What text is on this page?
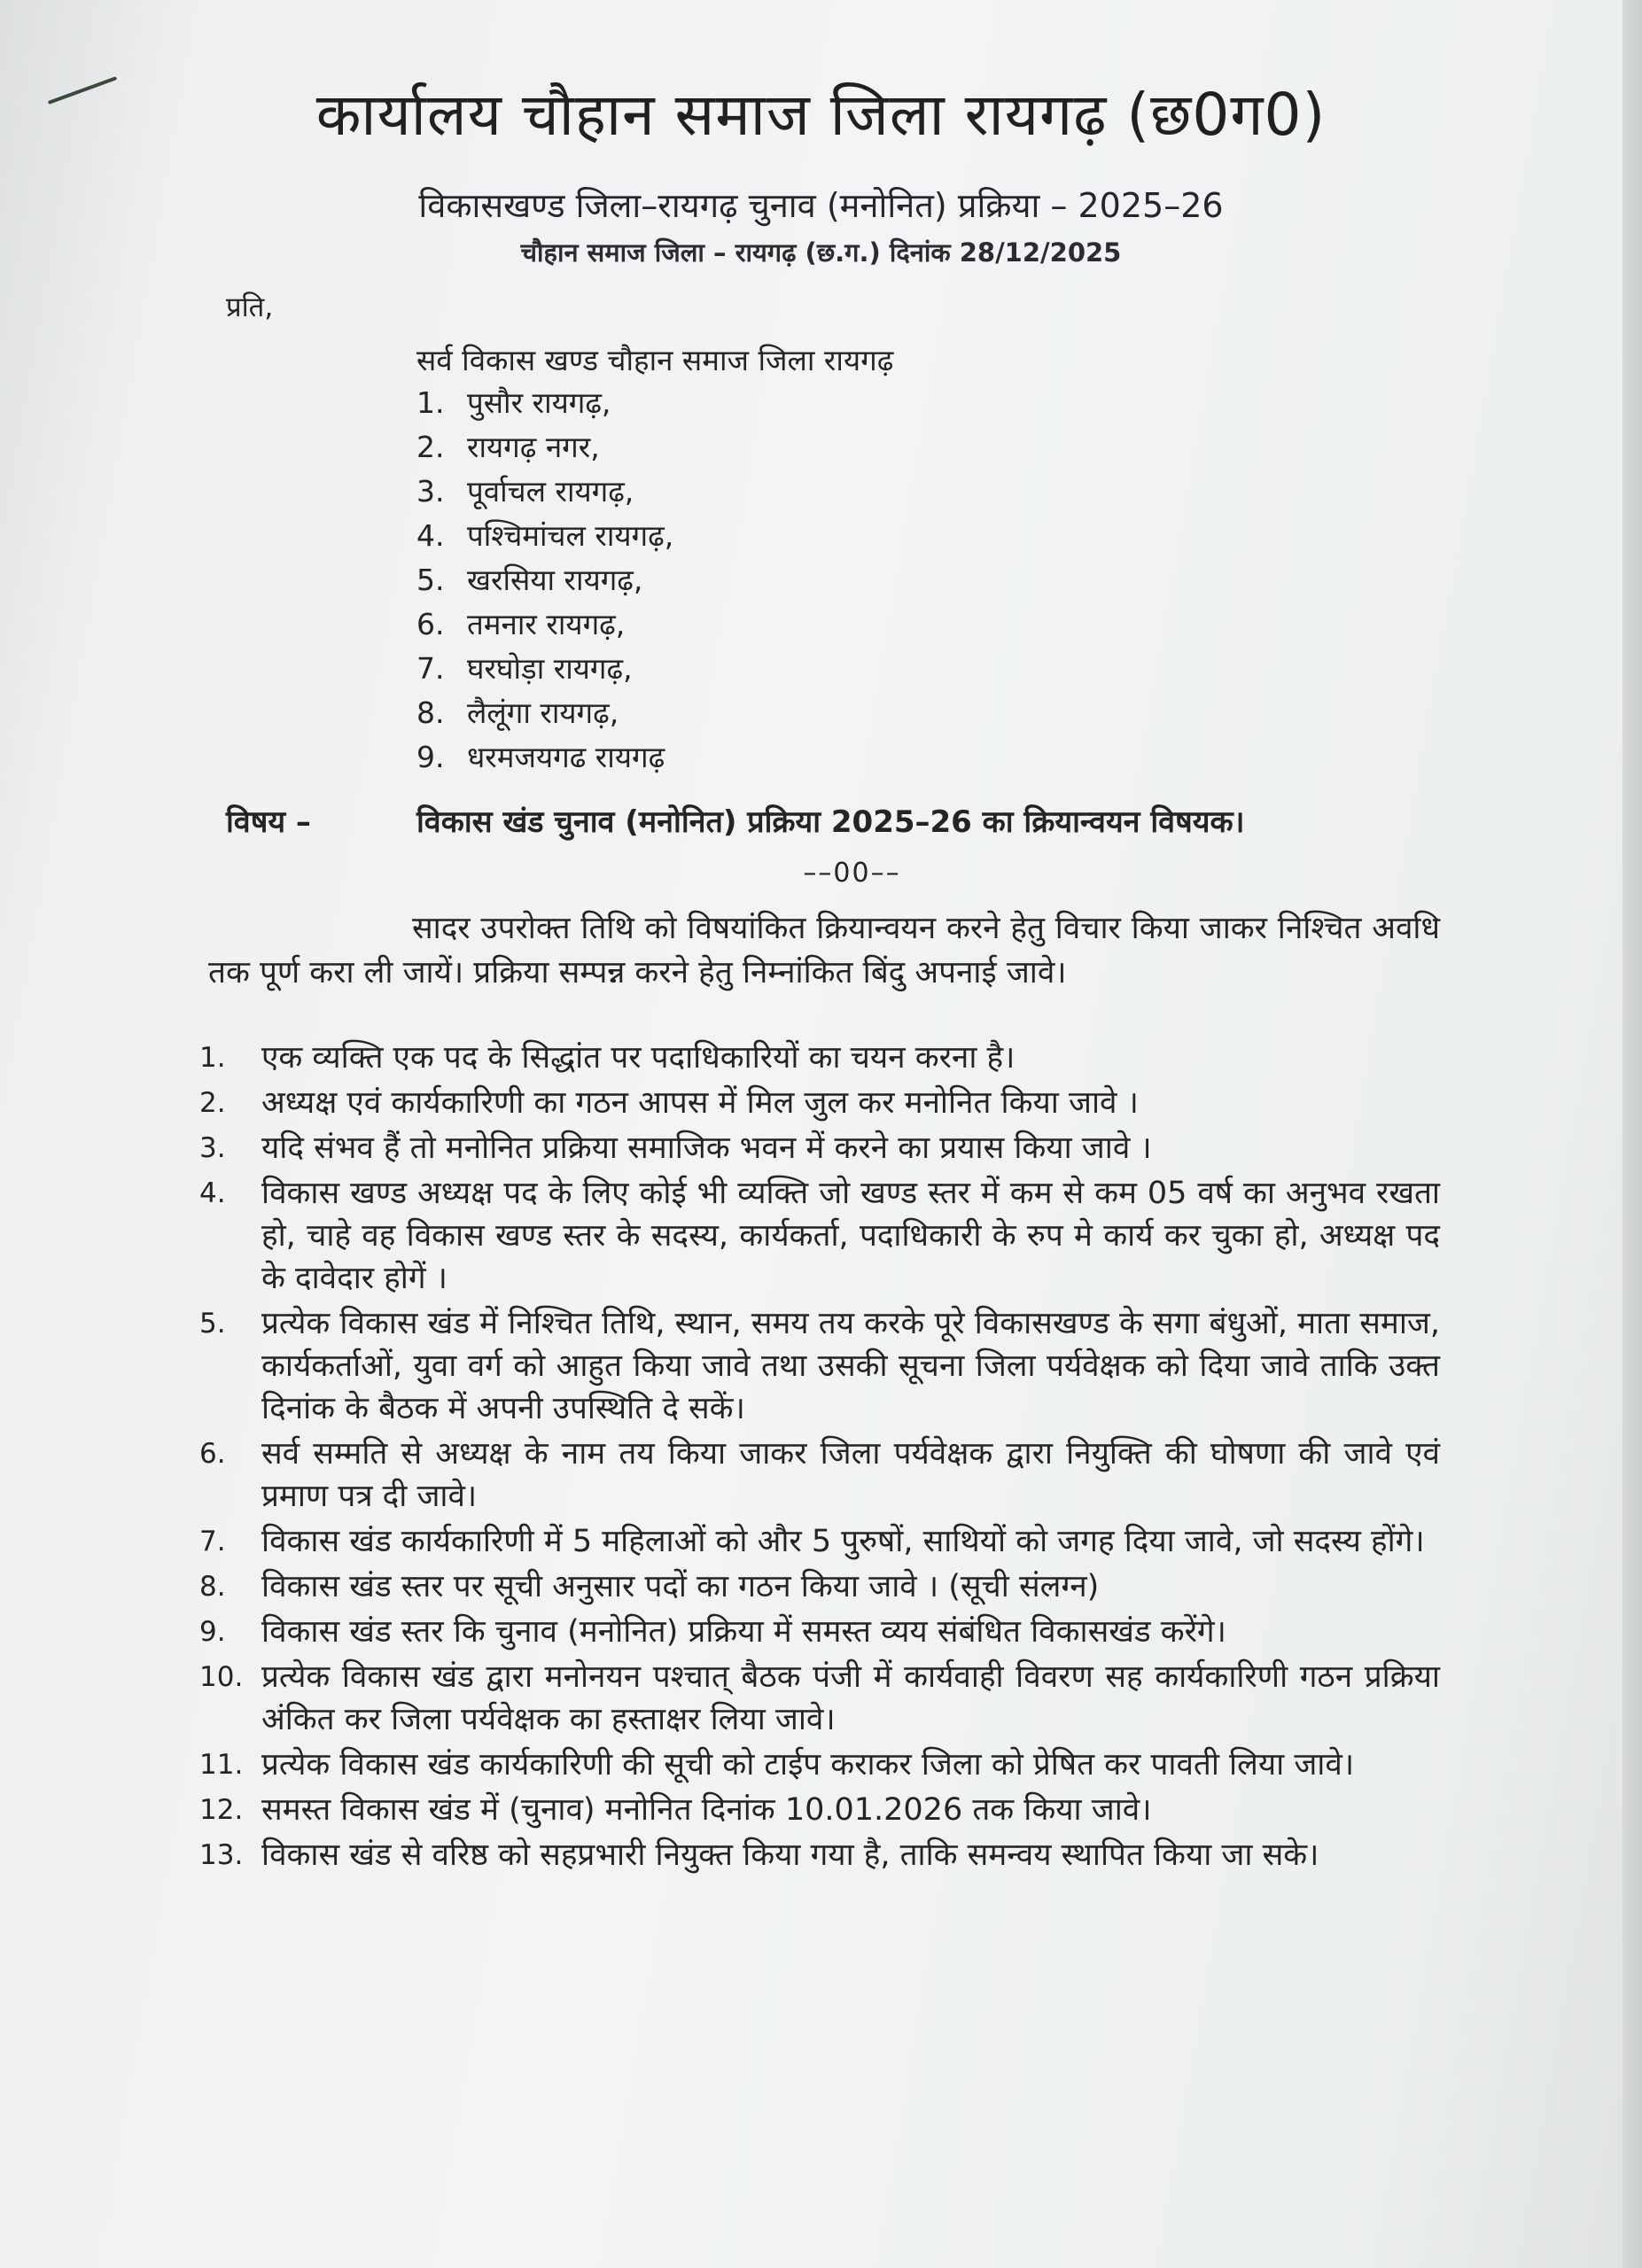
कार्यालय चौहान समाज जिला रायगढ़ (छ0ग0)
विकासखण्ड जिला–रायगढ़ चुनाव (मनोनित) प्रक्रिया – 2025–26
चौहान समाज जिला – रायगढ़ (छ.ग.) दिनांक 28/12/2025
प्रति,
सर्व विकास खण्ड चौहान समाज जिला रायगढ़
1. पुसौर रायगढ़,
2. रायगढ़ नगर,
3. पूर्वाचल रायगढ़,
4. पश्चिमांचल रायगढ़,
5. खरसिया रायगढ़,
6. तमनार रायगढ़,
7. घरघोड़ा रायगढ़,
8. लैलूंगा रायगढ़,
9. धरमजयगढ रायगढ़
विषय –	विकास खंड चुनाव (मनोनित) प्रक्रिया 2025–26 का क्रियान्वयन विषयक।
––00––
सादर उपरोक्त तिथि को विषयांकित क्रियान्वयन करने हेतु विचार किया जाकर निश्चित अवधि तक पूर्ण करा ली जायें। प्रक्रिया सम्पन्न करने हेतु निम्नांकित बिंदु अपनाई जावे।
1.	एक व्यक्ति एक पद के सिद्धांत पर पदाधिकारियों का चयन करना है।
2.	अध्यक्ष एवं कार्यकारिणी का गठन आपस में मिल जुल कर मनोनित किया जावे ।
3.	यदि संभव हैं तो मनोनित प्रक्रिया समाजिक भवन में करने का प्रयास किया जावे ।
4.	विकास खण्ड अध्यक्ष पद के लिए कोई भी व्यक्ति जो खण्ड स्तर में कम से कम 05 वर्ष का अनुभव रखता हो, चाहे वह विकास खण्ड स्तर के सदस्य, कार्यकर्ता, पदाधिकारी के रुप मे कार्य कर चुका हो, अध्यक्ष पद के दावेदार होगें ।
5.	प्रत्येक विकास खंड में निश्चित तिथि, स्थान, समय तय करके पूरे विकासखण्ड के सगा बंधुओं, माता समाज, कार्यकर्ताओं, युवा वर्ग को आहुत किया जावे तथा उसकी सूचना जिला पर्यवेक्षक को दिया जावे ताकि उक्त दिनांक के बैठक में अपनी उपस्थिति दे सकें।
6.	सर्व सम्मति से अध्यक्ष के नाम तय किया जाकर जिला पर्यवेक्षक द्वारा नियुक्ति की घोषणा की जावे एवं प्रमाण पत्र दी जावे।
7.	विकास खंड कार्यकारिणी में 5 महिलाओं को और 5 पुरुषों, साथियों को जगह दिया जावे, जो सदस्य होंगे।
8.	विकास खंड स्तर पर सूची अनुसार पदों का गठन किया जावे । (सूची संलग्न)
9.	विकास खंड स्तर कि चुनाव (मनोनित) प्रक्रिया में समस्त व्यय संबंधित विकासखंड करेंगे।
10. प्रत्येक विकास खंड द्वारा मनोनयन पश्चात् बैठक पंजी में कार्यवाही विवरण सह कार्यकारिणी गठन प्रक्रिया अंकित कर जिला पर्यवेक्षक का हस्ताक्षर लिया जावे।
11. प्रत्येक विकास खंड कार्यकारिणी की सूची को टाईप कराकर जिला को प्रेषित कर पावती लिया जावे।
12. समस्त विकास खंड में (चुनाव) मनोनित दिनांक 10.01.2026 तक किया जावे।
13. विकास खंड से वरिष्ठ को सहप्रभारी नियुक्त किया गया है, ताकि समन्वय स्थापित किया जा सके।
